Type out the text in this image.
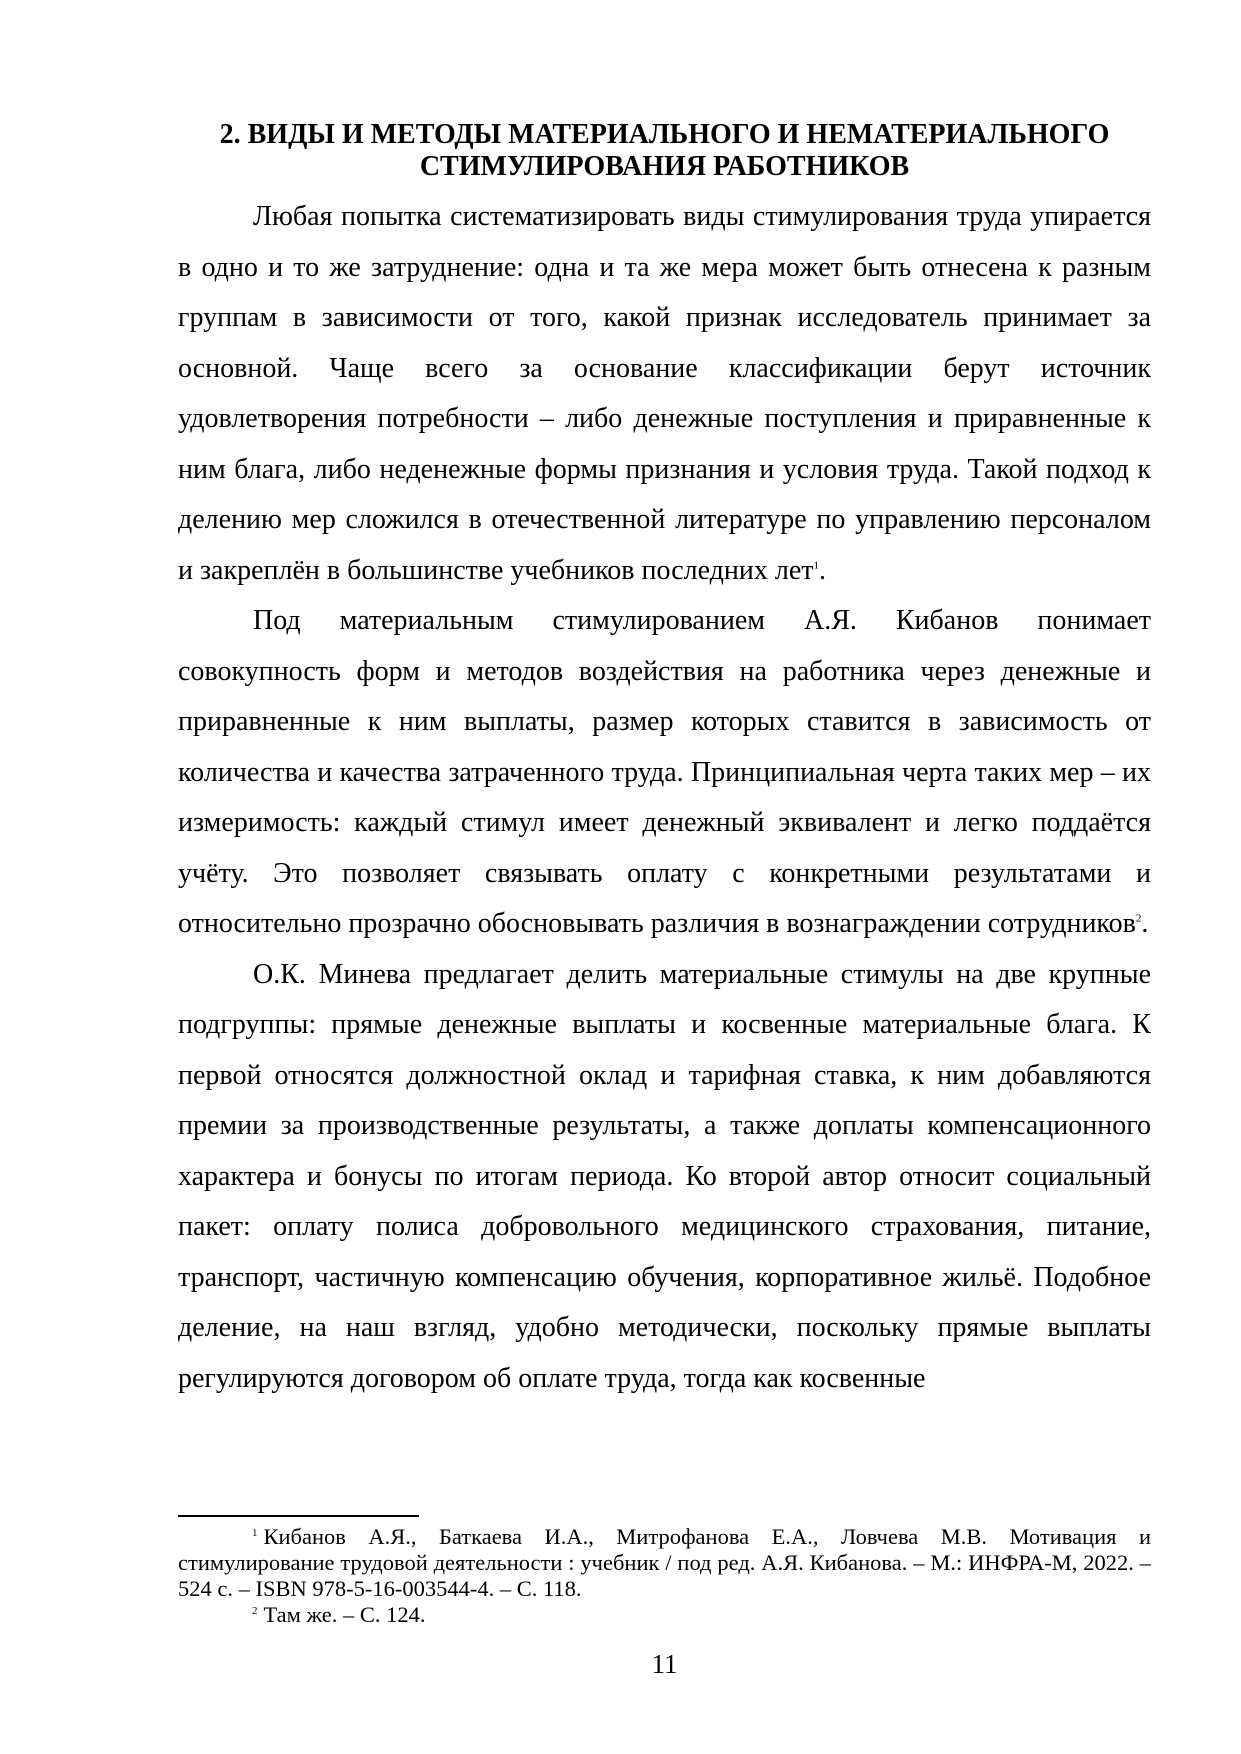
2. ВИДЫ И МЕТОДЫ МАТЕРИАЛЬНОГО И НЕМАТЕРИАЛЬНОГО
СТИМУЛИРОВАНИЯ РАБОТНИКОВ

Любая попытка систематизировать виды стимулирования труда упирается в одно и то же затруднение: одна и та же мера может быть отнесена к разным группам в зависимости от того, какой признак исследователь принимает за основной. Чаще всего за основание классификации берут источник удовлетворения потребности – либо денежные поступления и приравненные к ним блага, либо неденежные формы признания и условия труда. Такой подход к делению мер сложился в отечественной литературе по управлению персоналом и закреплён в большинстве учебников последних лет$^1$.

Под материальным стимулированием А.Я. Кибанов понимает совокупность форм и методов воздействия на работника через денежные и приравненные к ним выплаты, размер которых ставится в зависимость от количества и качества затраченного труда. Принципиальная черта таких мер – их измеримость: каждый стимул имеет денежный эквивалент и легко поддаётся учёту. Это позволяет связывать оплату с конкретными результатами и относительно прозрачно обосновывать различия в вознаграждении сотрудников$^2$.

О.К. Минева предлагает делить материальные стимулы на две крупные подгруппы: прямые денежные выплаты и косвенные материальные блага. К первой относятся должностной оклад и тарифная ставка, к ним добавляются премии за производственные результаты, а также доплаты компенсационного характера и бонусы по итогам периода. Ко второй автор относит социальный пакет: оплату полиса добровольного медицинского страхования, питание, транспорт, частичную компенсацию обучения, корпоративное жильё. Подобное деление, на наш взгляд, удобно методически, поскольку прямые выплаты регулируются договором об оплате труда, тогда как косвенные

$^1$ Кибанов А.Я., Баткаева И.А., Митрофанова Е.А., Ловчева М.В. Мотивация и стимулирование трудовой деятельности : учебник / под ред. А.Я. Кибанова. – М.: ИНФРА-М, 2022. – 524 с. – ISBN 978-5-16-003544-4. – С. 118.

$^2$ Там же. – С. 124.

11
